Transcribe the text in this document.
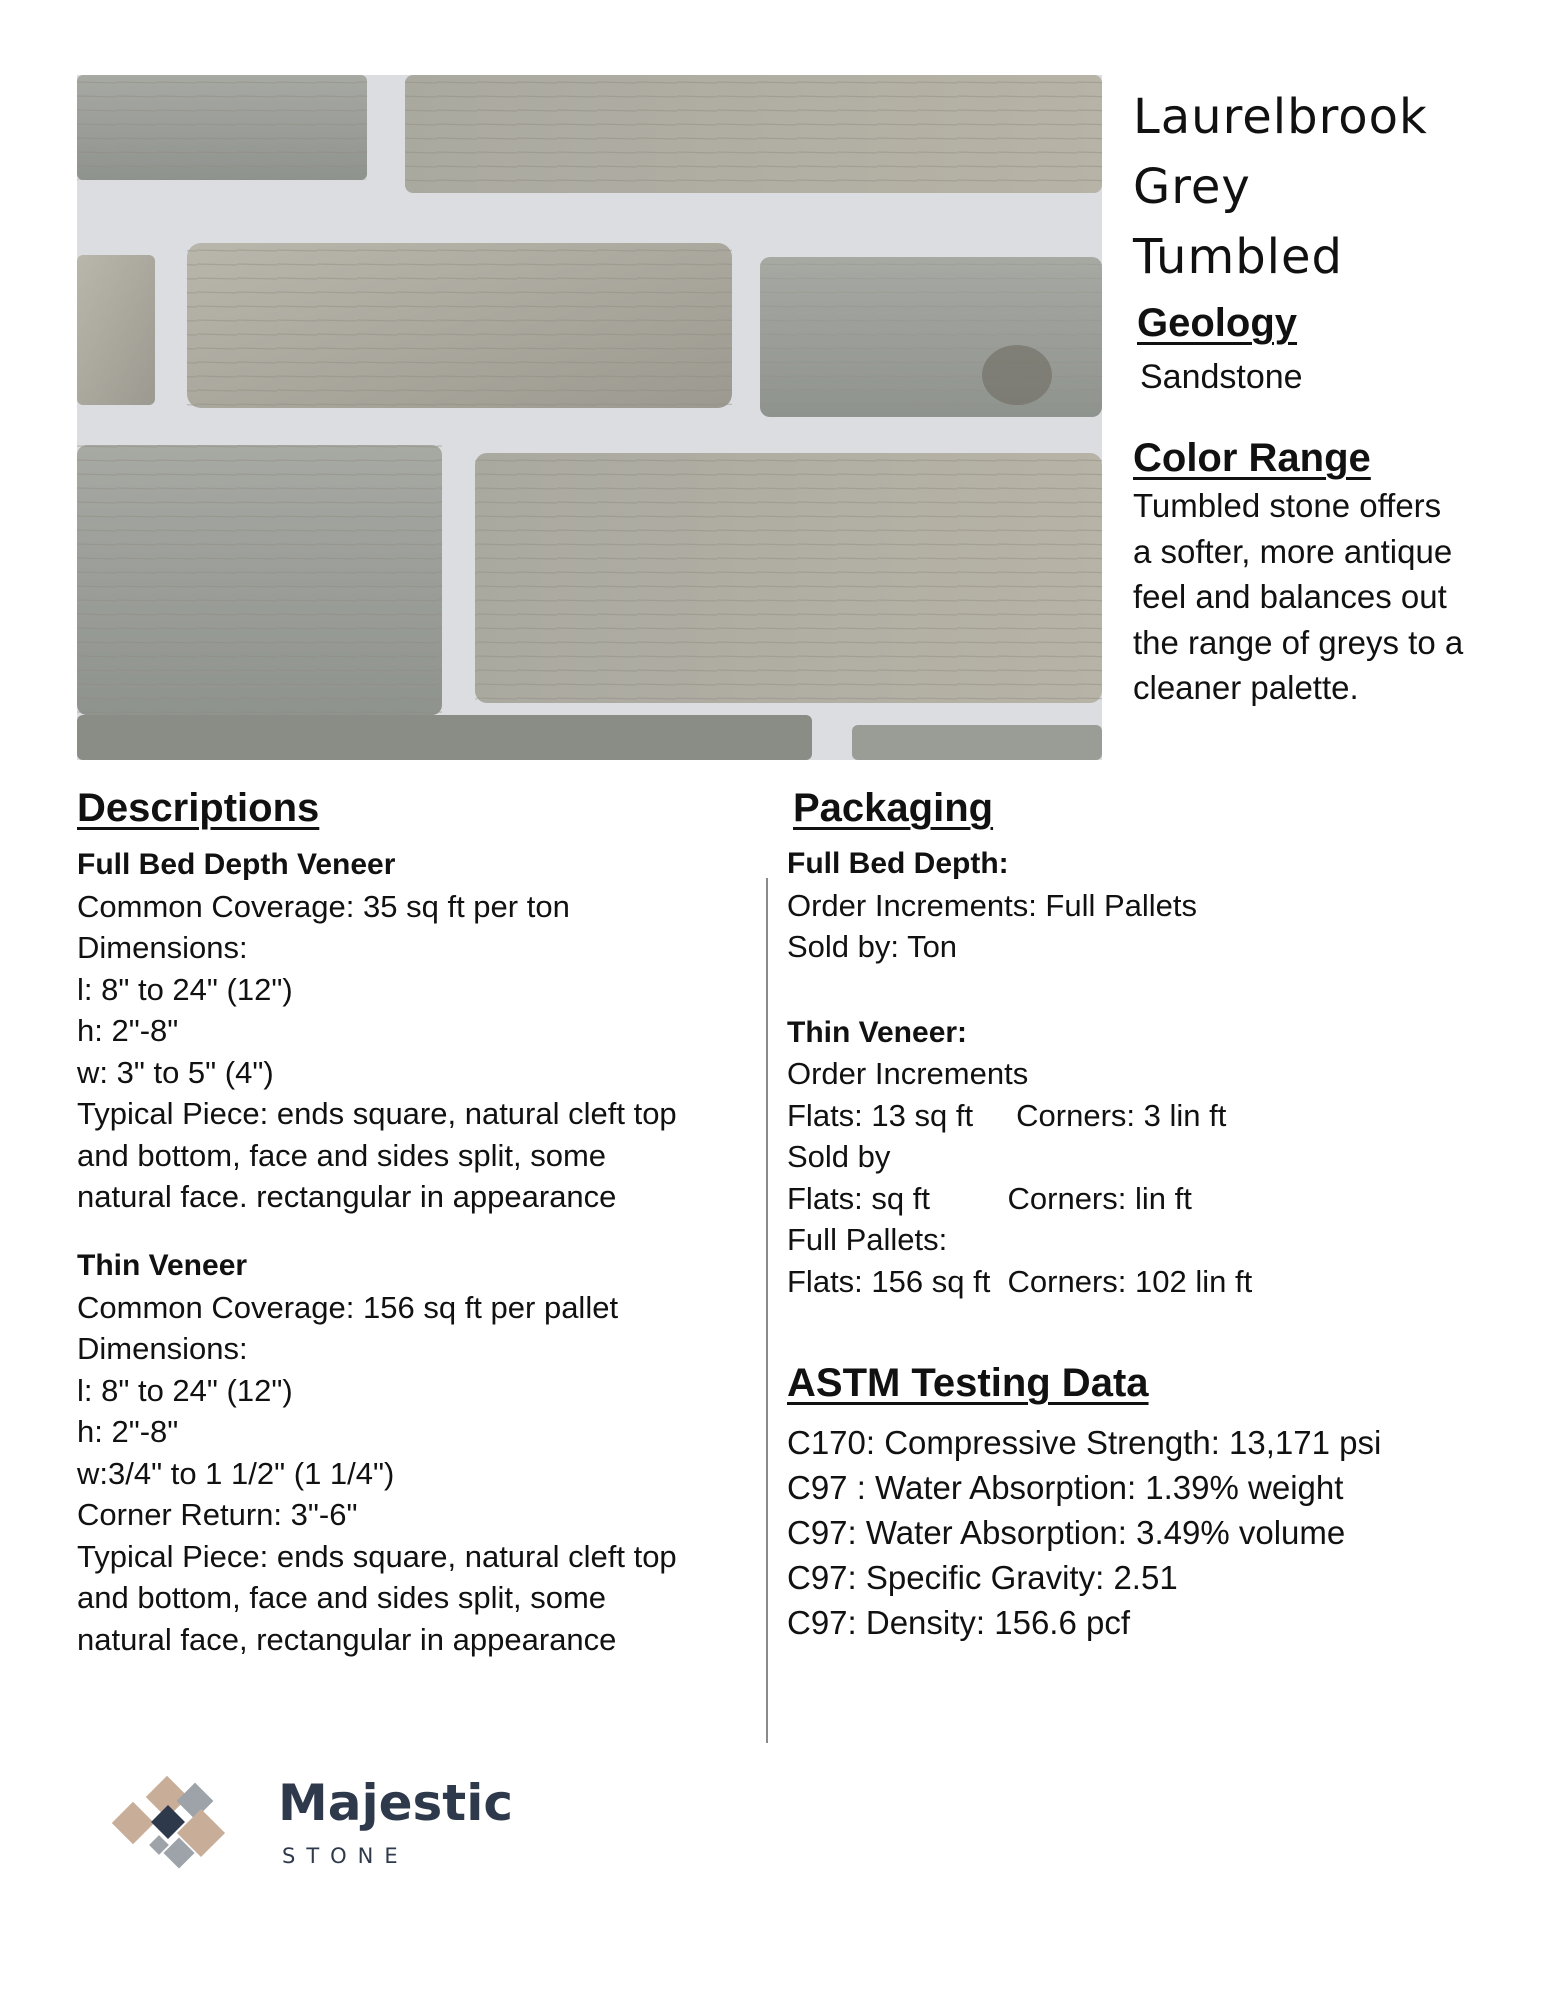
Laurelbrook
Grey
Tumbled
Geology
Sandstone
Color Range
Tumbled stone offers
a softer, more antique
feel and balances out
the range of greys to a
cleaner palette.
Descriptions
Full Bed Depth Veneer
Common Coverage: 35 sq ft per ton
Dimensions:
l: 8" to 24" (12")
h: 2"-8"
w: 3" to 5" (4")
Typical Piece: ends square, natural cleft top
and bottom, face and sides split, some
natural face. rectangular in appearance
Thin Veneer
Common Coverage: 156 sq ft per pallet
Dimensions:
l: 8" to 24" (12")
h: 2"-8"
w:3/4" to 1 1/2" (1 1/4")
Corner Return: 3"-6"
Typical Piece: ends square, natural cleft top
and bottom, face and sides split, some
natural face, rectangular in appearance
Packaging
Full Bed Depth:
Order Increments: Full Pallets
Sold by: Ton
Thin Veneer:
Order Increments
Flats: 13 sq ft     Corners: 3 lin ft
Sold by
Flats: sq ft         Corners: lin ft
Full Pallets:
Flats: 156 sq ft  Corners: 102 lin ft
ASTM Testing Data
C170: Compressive Strength: 13,171 psi
C97 : Water Absorption: 1.39% weight
C97: Water Absorption: 3.49% volume
C97: Specific Gravity: 2.51
C97: Density: 156.6 pcf
Majestic
STONE
